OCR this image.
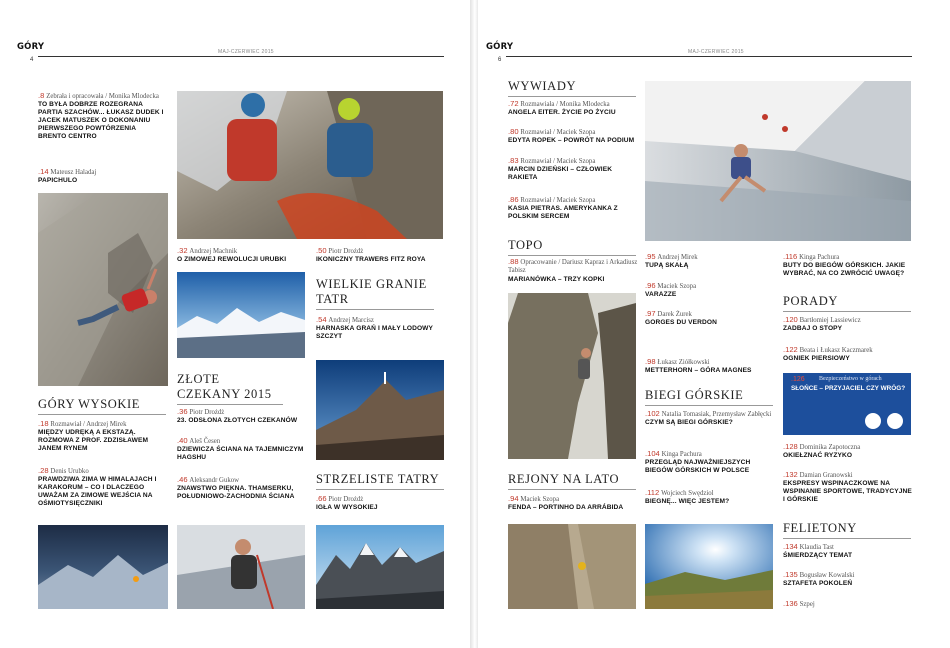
GÓRY
4
MAJ-CZERWIEC 2015
.8 Zebrała i opracowała / Monika Mlodecka
TO BYŁA DOBRZE ROZEGRANA PARTIA SZACHÓW... ŁUKASZ DUDEK I JACEK MATUSZEK O DOKONANIU PIERWSZEGO POWTÓRZENIA BRENTO CENTRO
.14 Mateusz Haladaj
PAPICHULO
GÓRY WYSOKIE
.18 Rozmawiał / Andrzej Mirek
MIĘDZY UDRĘKĄ A EKSTAZĄ. ROZMOWA Z PROF. ZDZISŁAWEM JANEM RYNEM
.28 Denis Urubko
PRAWDZIWA ZIMA W HIMALAJACH I KARAKORUM – CO I DLACZEGO UWAŻAM ZA ZIMOWE WEJŚCIA NA OŚMIOTYSIĘCZNIKI
.32 Andrzej Machnik
O ZIMOWEJ REWOLUCJI URUBKI
ZŁOTE CZEKANY 2015
.36 Piotr Drożdż
23. ODSŁONA ZŁOTYCH CZEKANÓW
.40 Aleš Česen
DZIEWICZA ŚCIANA NA TAJEMNICZYM HAGSHU
.46 Aleksandr Gukow
ZNAWSTWO PIĘKNA. THAMSERKU, POŁUDNIOWO-ZACHODNIA ŚCIANA
.50 Piotr Drożdż
IKONICZNY TRAWERS FITZ ROYA
WIELKIE GRANIE TATR
.54 Andrzej Marcisz
HARNASKA GRAŃ I MAŁY LODOWY SZCZYT
STRZELISTE TATRY
.66 Piotr Drożdż
IGŁA W WYSOKIEJ
GÓRY
6
MAJ-CZERWIEC 2015
WYWIADY
.72 Rozmawiała / Monika Mlodecka
ANGELA EITER. ŻYCIE PO ŻYCIU
.80 Rozmawiał / Maciek Szopa
EDYTA ROPEK – POWRÓT NA PODIUM
.83 Rozmawiał / Maciek Szopa
MARCIN DZIEŃSKI – CZŁOWIEK RAKIETA
.86 Rozmawiał / Maciek Szopa
KASIA PIETRAS. AMERYKANKA Z POLSKIM SERCEM
TOPO
.88 Opracowanie / Dariusz Kapraz i Arkadiusz Tabisz
MARIANÓWKA – TRZY KOPKI
REJONY NA LATO
.94 Maciek Szopa
FENDA – PORTINHO DA ARRÁBIDA
.95 Andrzej Mirek
TUPĄ SKAŁĄ
.96 Maciek Szopa
VARAZZE
.97 Darek Żurek
GORGES DU VERDON
.98 Łukasz Ziółkowski
METTERHORN – GÓRA MAGNES
BIEGI GÓRSKIE
.102 Natalia Tomasiak, Przemysław Zabłęcki
CZYM SĄ BIEGI GÓRSKIE?
.104 Kinga Pachura
PRZEGLĄD NAJWAŻNIEJSZYCH BIEGÓW GÓRSKICH W POLSCE
.112 Wojciech Swędziol
BIEGNĘ... WIĘC JESTEM?
.116 Kinga Pachura
BUTY DO BIEGÓW GÓRSKICH. JAKIE WYBRAĆ, NA CO ZWRÓCIĆ UWAGĘ?
PORADY
.120 Bartłomiej Lassiewicz
ZADBAJ O STOPY
.122 Beata i Łukasz Kaczmarek
OGNIEK PIERSIOWY
.126 Bezpieczeństwo w górach
SŁOŃCE – PRZYJACIEL CZY WRÓG?
.128 Dominika Zapotoczna
OKIEŁZNAĆ RYZYKO
.132 Damian Granowski
EKSPRESY WSPINACZKOWE NA WSPINANIE SPORTOWE, TRADYCYJNE I GÓRSKIE
FELIETONY
.134 Klaudia Tast
ŚMIERDZĄCY TEMAT
.135 Bogusław Kowalski
SZTAFETA POKOLEŃ
.136 Szpej
